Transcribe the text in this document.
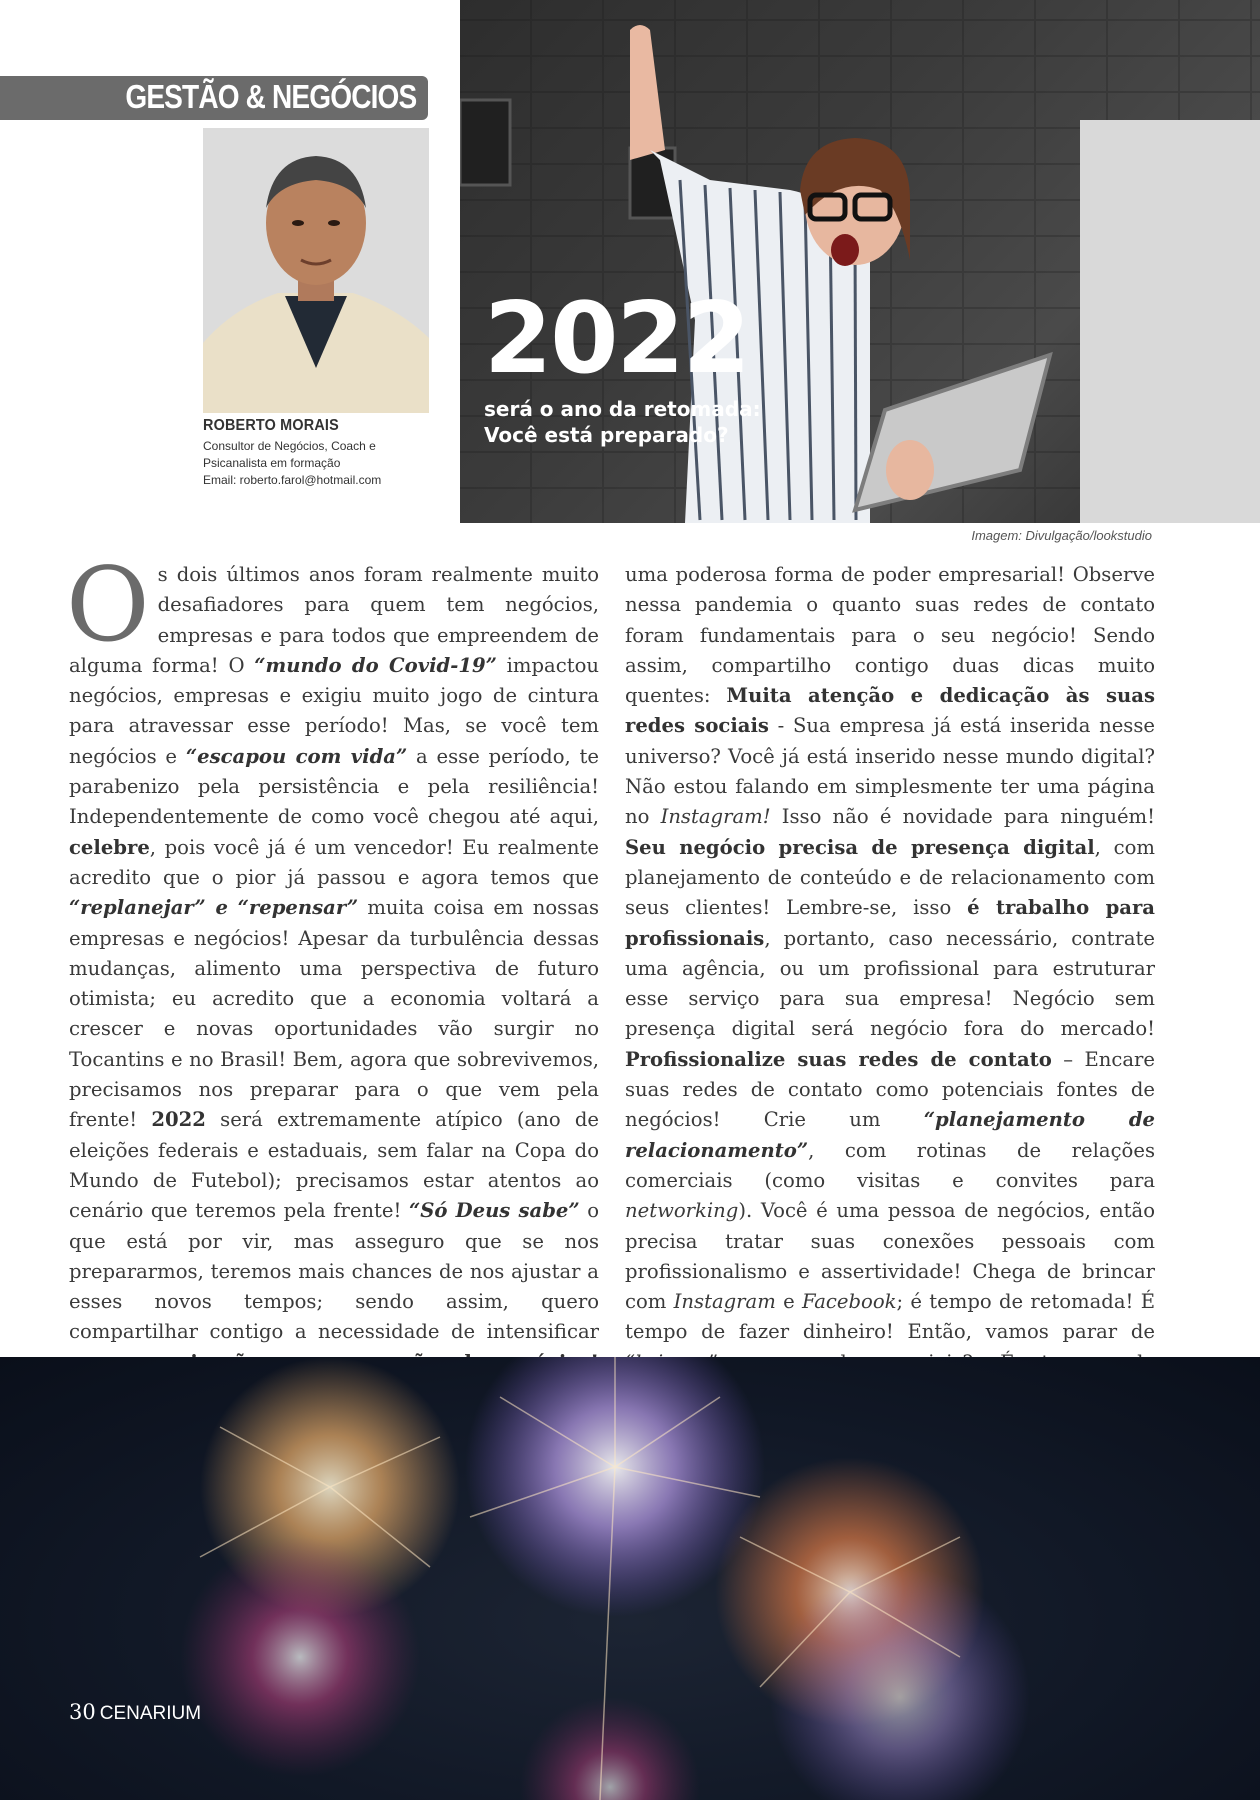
GESTÃO & NEGÓCIOS
ROBERTO MORAIS
Consultor de Negócios, Coach e Psicanalista em formação
Email: roberto.farol@hotmail.com
2022
será o ano da retomada:
Você está preparado?
Imagem: Divulgação/lookstudio

Os dois últimos anos foram realmente muito desafiadores para quem tem negócios, empresas e para todos que empreendem de alguma forma! O “mundo do Covid-19” impactou negócios, empresas e exigiu muito jogo de cintura para atravessar esse período! Mas, se você tem negócios e “escapou com vida” a esse período, te parabenizo pela persistência e pela resiliência! Independentemente de como você chegou até aqui, celebre, pois você já é um vencedor! Eu realmente acredito que o pior já passou e agora temos que “replanejar” e “repensar” muita coisa em nossas empresas e negócios! Apesar da turbulência dessas mudanças, alimento uma perspectiva de futuro otimista; eu acredito que a economia voltará a crescer e novas oportunidades vão surgir no Tocantins e no Brasil! Bem, agora que sobrevivemos, precisamos nos preparar para o que vem pela frente! 2022 será extremamente atípico (ano de eleições federais e estaduais, sem falar na Copa do Mundo de Futebol); precisamos estar atentos ao cenário que teremos pela frente! “Só Deus sabe” o que está por vir, mas asseguro que se nos prepararmos, teremos mais chances de nos ajustar a esses novos tempos; sendo assim, quero compartilhar contigo a necessidade de intensificar

uma poderosa forma de poder empresarial! Observe nessa pandemia o quanto suas redes de contato foram fundamentais para o seu negócio! Sendo assim, compartilho contigo duas dicas muito quentes: Muita atenção e dedicação às suas redes sociais - Sua empresa já está inserida nesse universo? Você já está inserido nesse mundo digital? Não estou falando em simplesmente ter uma página no Instagram! Isso não é novidade para ninguém! Seu negócio precisa de presença digital, com planejamento de conteúdo e de relacionamento com seus clientes! Lembre-se, isso é trabalho para profissionais, portanto, caso necessário, contrate uma agência, ou um profissional para estruturar esse serviço para sua empresa! Negócio sem presença digital será negócio fora do mercado! Profissionalize suas redes de contato – Encare suas redes de contato como potenciais fontes de negócios! Crie um “planejamento de relacionamento”, com rotinas de relações comerciais (como visitas e convites para networking). Você é uma pessoa de negócios, então precisa tratar suas conexões pessoais com profissionalismo e assertividade! Chega de brincar com Instagram e Facebook; é tempo de retomada! É tempo de fazer dinheiro! Então, vamos parar de

30 CENARIUM
